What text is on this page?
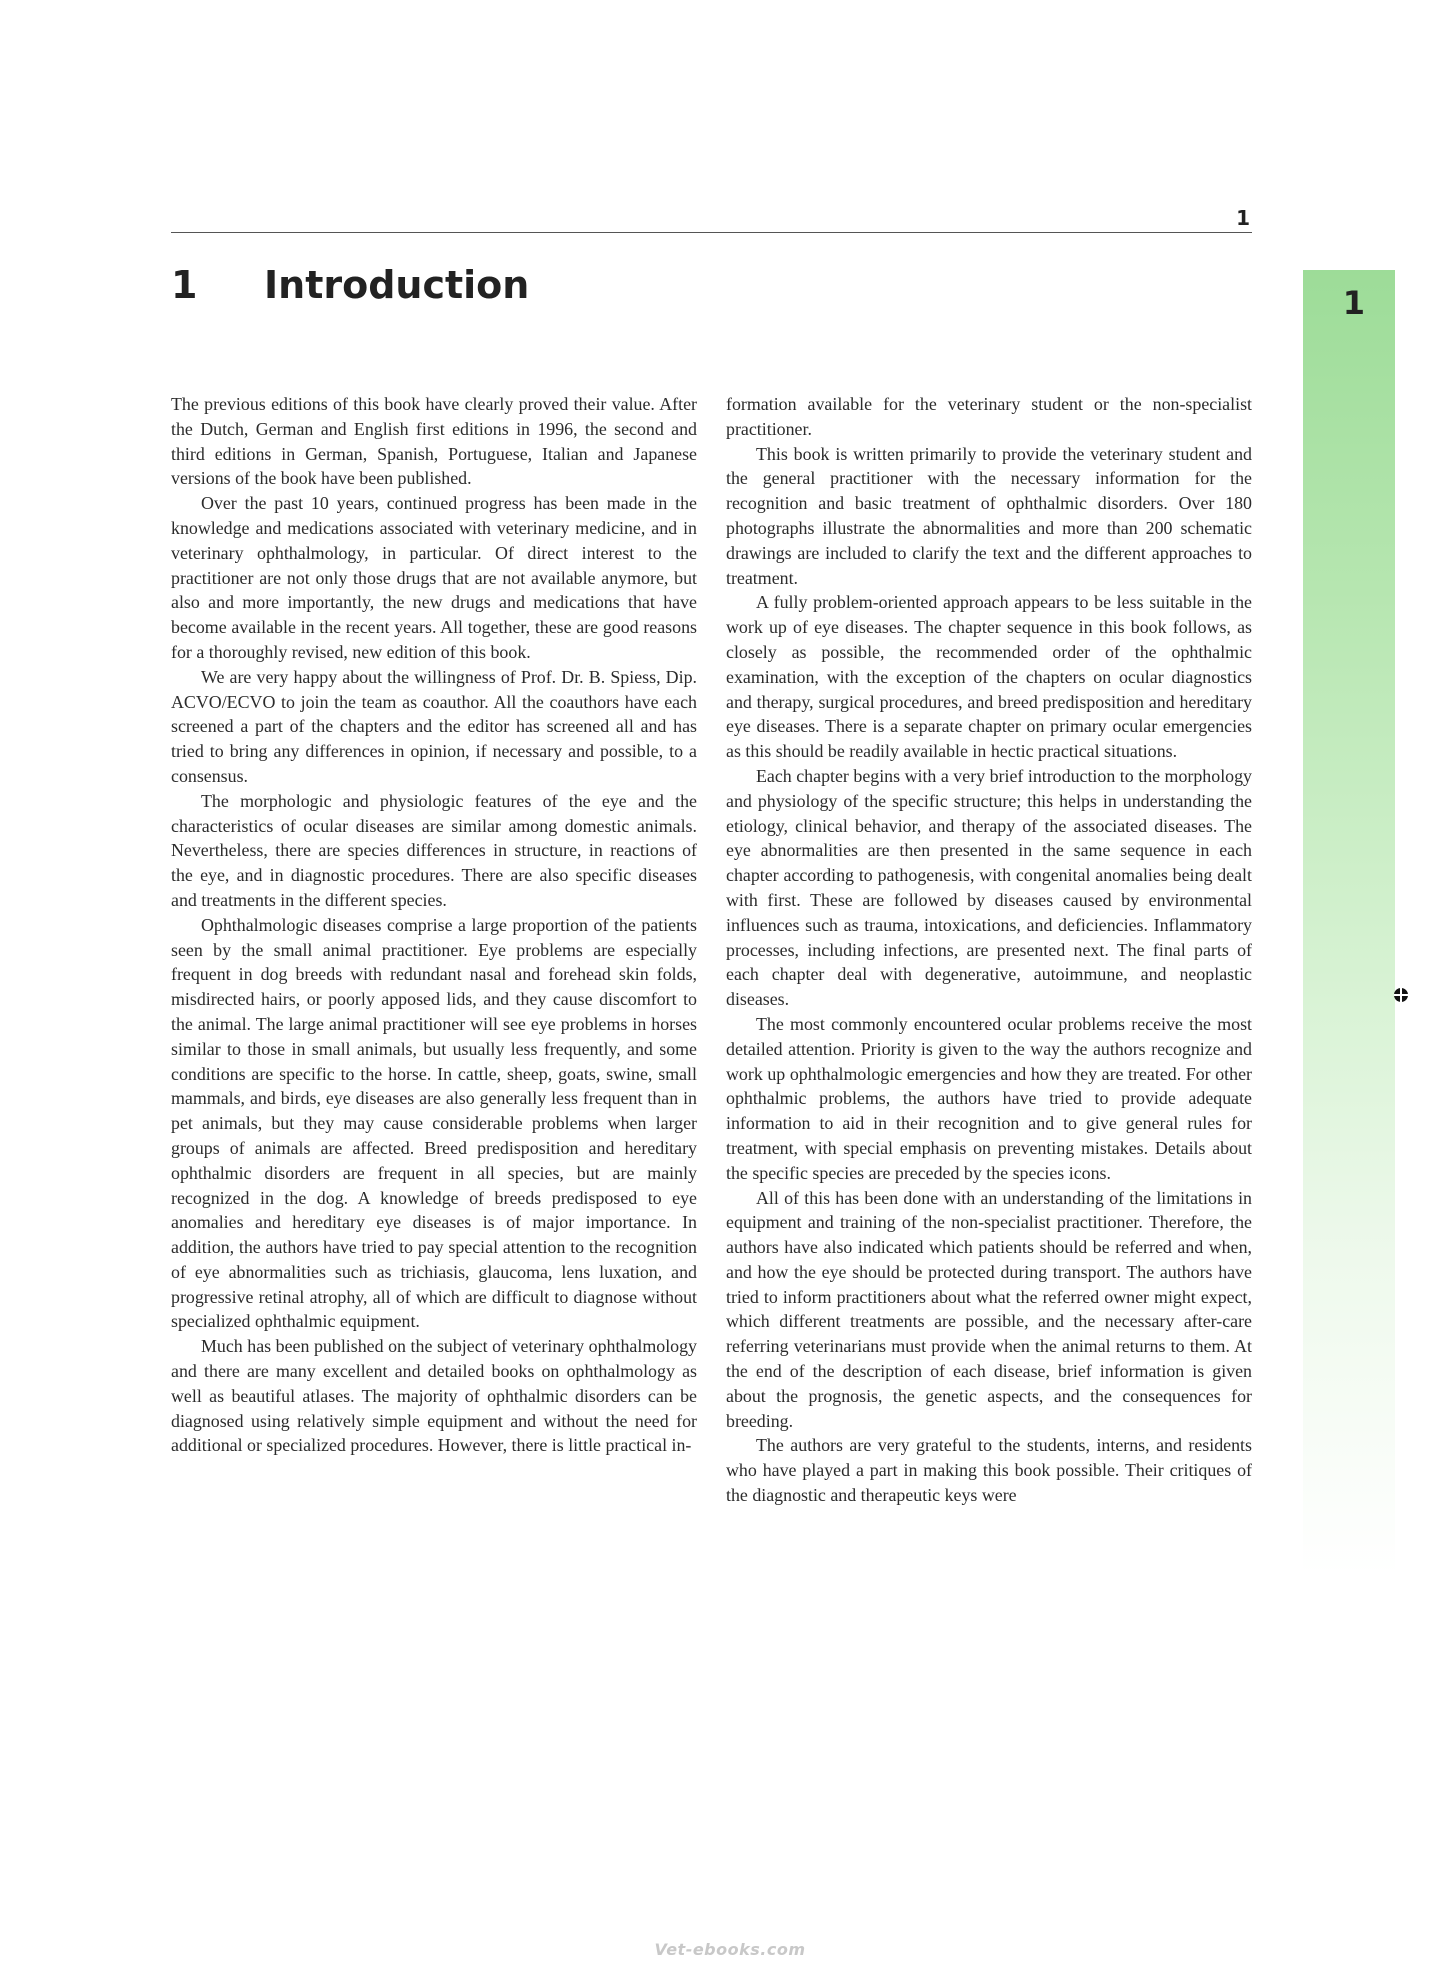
1
1 Introduction	1

The previous editions of this book have clearly proved their value. After the Dutch, German and English first editions in 1996, the second and third editions in German, Spanish, Portuguese, Italian and Japanese versions of the book have been published.

Over the past 10 years, continued progress has been made in the knowledge and medications associated with veterinary medicine, and in veterinary ophthalmology, in particular. Of direct interest to the practitioner are not only those drugs that are not available anymore, but also and more importantly, the new drugs and medications that have become available in the recent years. All together, these are good reasons for a thoroughly revised, new edition of this book.

We are very happy about the willingness of Prof. Dr. B. Spiess, Dip. ACVO/ECVO to join the team as coauthor. All the coauthors have each screened a part of the chapters and the editor has screened all and has tried to bring any differences in opinion, if necessary and possible, to a consensus.

The morphologic and physiologic features of the eye and the characteristics of ocular diseases are similar among domestic animals. Nevertheless, there are species differences in structure, in reactions of the eye, and in diagnostic procedures. There are also specific diseases and treatments in the different species.

Ophthalmologic diseases comprise a large proportion of the patients seen by the small animal practitioner. Eye problems are especially frequent in dog breeds with redundant nasal and forehead skin folds, misdirected hairs, or poorly apposed lids, and they cause discomfort to the animal. The large animal practitioner will see eye problems in horses similar to those in small animals, but usually less frequently, and some conditions are specific to the horse. In cattle, sheep, goats, swine, small mammals, and birds, eye diseases are also generally less frequent than in pet animals, but they may cause considerable problems when larger groups of animals are affected. Breed predisposition and hereditary ophthalmic disorders are frequent in all species, but are mainly recognized in the dog. A knowledge of breeds predisposed to eye anomalies and hereditary eye diseases is of major importance. In addition, the authors have tried to pay special attention to the recognition of eye abnormalities such as trichiasis, glaucoma, lens luxation, and progressive retinal atrophy, all of which are difficult to diagnose without specialized ophthalmic equipment.

Much has been published on the subject of veterinary ophthalmology and there are many excellent and detailed books on ophthalmology as well as beautiful atlases. The majority of ophthalmic disorders can be diagnosed using relatively simple equipment and without the need for additional or specialized procedures. However, there is little practical in-

formation available for the veterinary student or the non-specialist practitioner.

This book is written primarily to provide the veterinary student and the general practitioner with the necessary information for the recognition and basic treatment of ophthalmic disorders. Over 180 photographs illustrate the abnormalities and more than 200 schematic drawings are included to clarify the text and the different approaches to treatment.

A fully problem-oriented approach appears to be less suitable in the work up of eye diseases. The chapter sequence in this book follows, as closely as possible, the recommended order of the ophthalmic examination, with the exception of the chapters on ocular diagnostics and therapy, surgical procedures, and breed predisposition and hereditary eye diseases. There is a separate chapter on primary ocular emergencies as this should be readily available in hectic practical situations.

Each chapter begins with a very brief introduction to the morphology and physiology of the specific structure; this helps in understanding the etiology, clinical behavior, and therapy of the associated diseases. The eye abnormalities are then presented in the same sequence in each chapter according to pathogenesis, with congenital anomalies being dealt with first. These are followed by diseases caused by environmental influences such as trauma, intoxications, and deficiencies. Inflammatory processes, including infections, are presented next. The final parts of each chapter deal with degenerative, autoimmune, and neoplastic diseases.

The most commonly encountered ocular problems receive the most detailed attention. Priority is given to the way the authors recognize and work up ophthalmologic emergencies and how they are treated. For other ophthalmic problems, the authors have tried to provide adequate information to aid in their recognition and to give general rules for treatment, with special emphasis on preventing mistakes. Details about the specific species are preceded by the species icons.

All of this has been done with an understanding of the limitations in equipment and training of the non-specialist practitioner. Therefore, the authors have also indicated which patients should be referred and when, and how the eye should be protected during transport. The authors have tried to inform practitioners about what the referred owner might expect, which different treatments are possible, and the necessary after-care referring veterinarians must provide when the animal returns to them. At the end of the description of each disease, brief information is given about the prognosis, the genetic aspects, and the consequences for breeding.

The authors are very grateful to the students, interns, and residents who have played a part in making this book possible. Their critiques of the diagnostic and therapeutic keys were

Vet-ebooks.com
